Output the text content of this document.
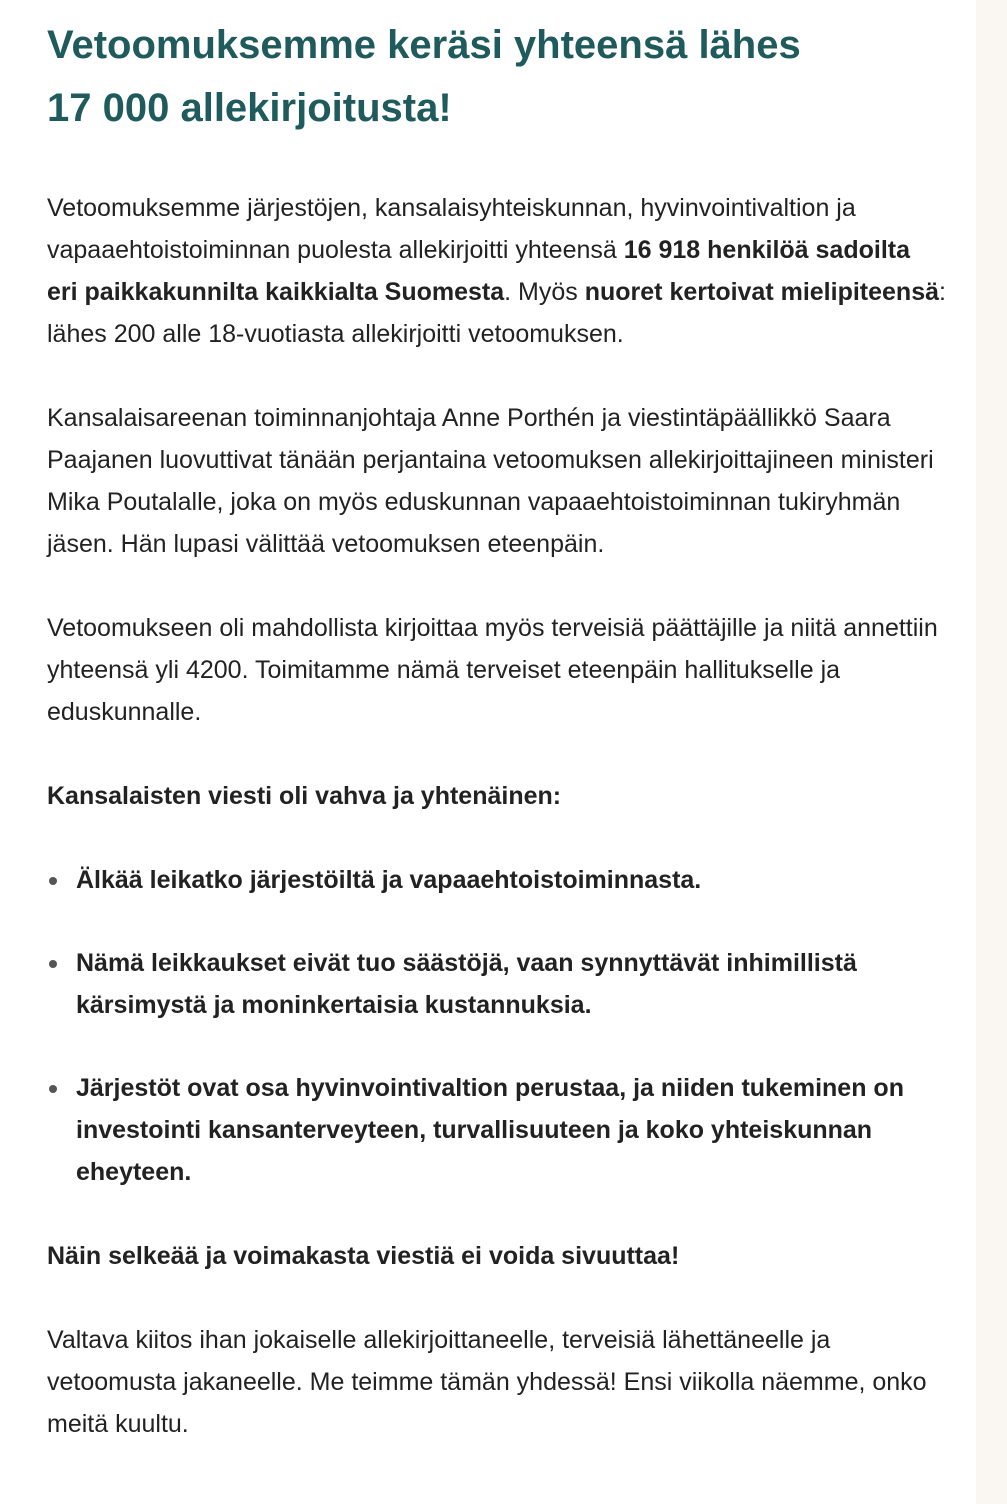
Vetoomuksemme keräsi yhteensä lähes
17 000 allekirjoitusta!

Vetoomuksemme järjestöjen, kansalaisyhteiskunnan, hyvinvointivaltion ja vapaaehtoistoiminnan puolesta allekirjoitti yhteensä 16 918 henkilöä sadoilta eri paikkakunnilta kaikkialta Suomesta. Myös nuoret kertoivat mielipiteensä: lähes 200 alle 18-vuotiasta allekirjoitti vetoomuksen.

Kansalaisareenan toiminnanjohtaja Anne Porthén ja viestintäpäällikkö Saara Paajanen luovuttivat tänään perjantaina vetoomuksen allekirjoittajineen ministeri Mika Poutalalle, joka on myös eduskunnan vapaaehtoistoiminnan tukiryhmän jäsen. Hän lupasi välittää vetoomuksen eteenpäin.

Vetoomukseen oli mahdollista kirjoittaa myös terveisiä päättäjille ja niitä annettiin yhteensä yli 4200. Toimitamme nämä terveiset eteenpäin hallitukselle ja eduskunnalle.

Kansalaisten viesti oli vahva ja yhtenäinen:

Älkää leikatko järjestöiltä ja vapaaehtoistoiminnasta.
Nämä leikkaukset eivät tuo säästöjä, vaan synnyttävät inhimillistä kärsimystä ja moninkertaisia kustannuksia.
Järjestöt ovat osa hyvinvointivaltion perustaa, ja niiden tukeminen on investointi kansanterveyteen, turvallisuuteen ja koko yhteiskunnan eheyteen.

Näin selkeää ja voimakasta viestiä ei voida sivuuttaa!

Valtava kiitos ihan jokaiselle allekirjoittaneelle, terveisiä lähettäneelle ja vetoomusta jakaneelle. Me teimme tämän yhdessä! Ensi viikolla näemme, onko meitä kuultu.
